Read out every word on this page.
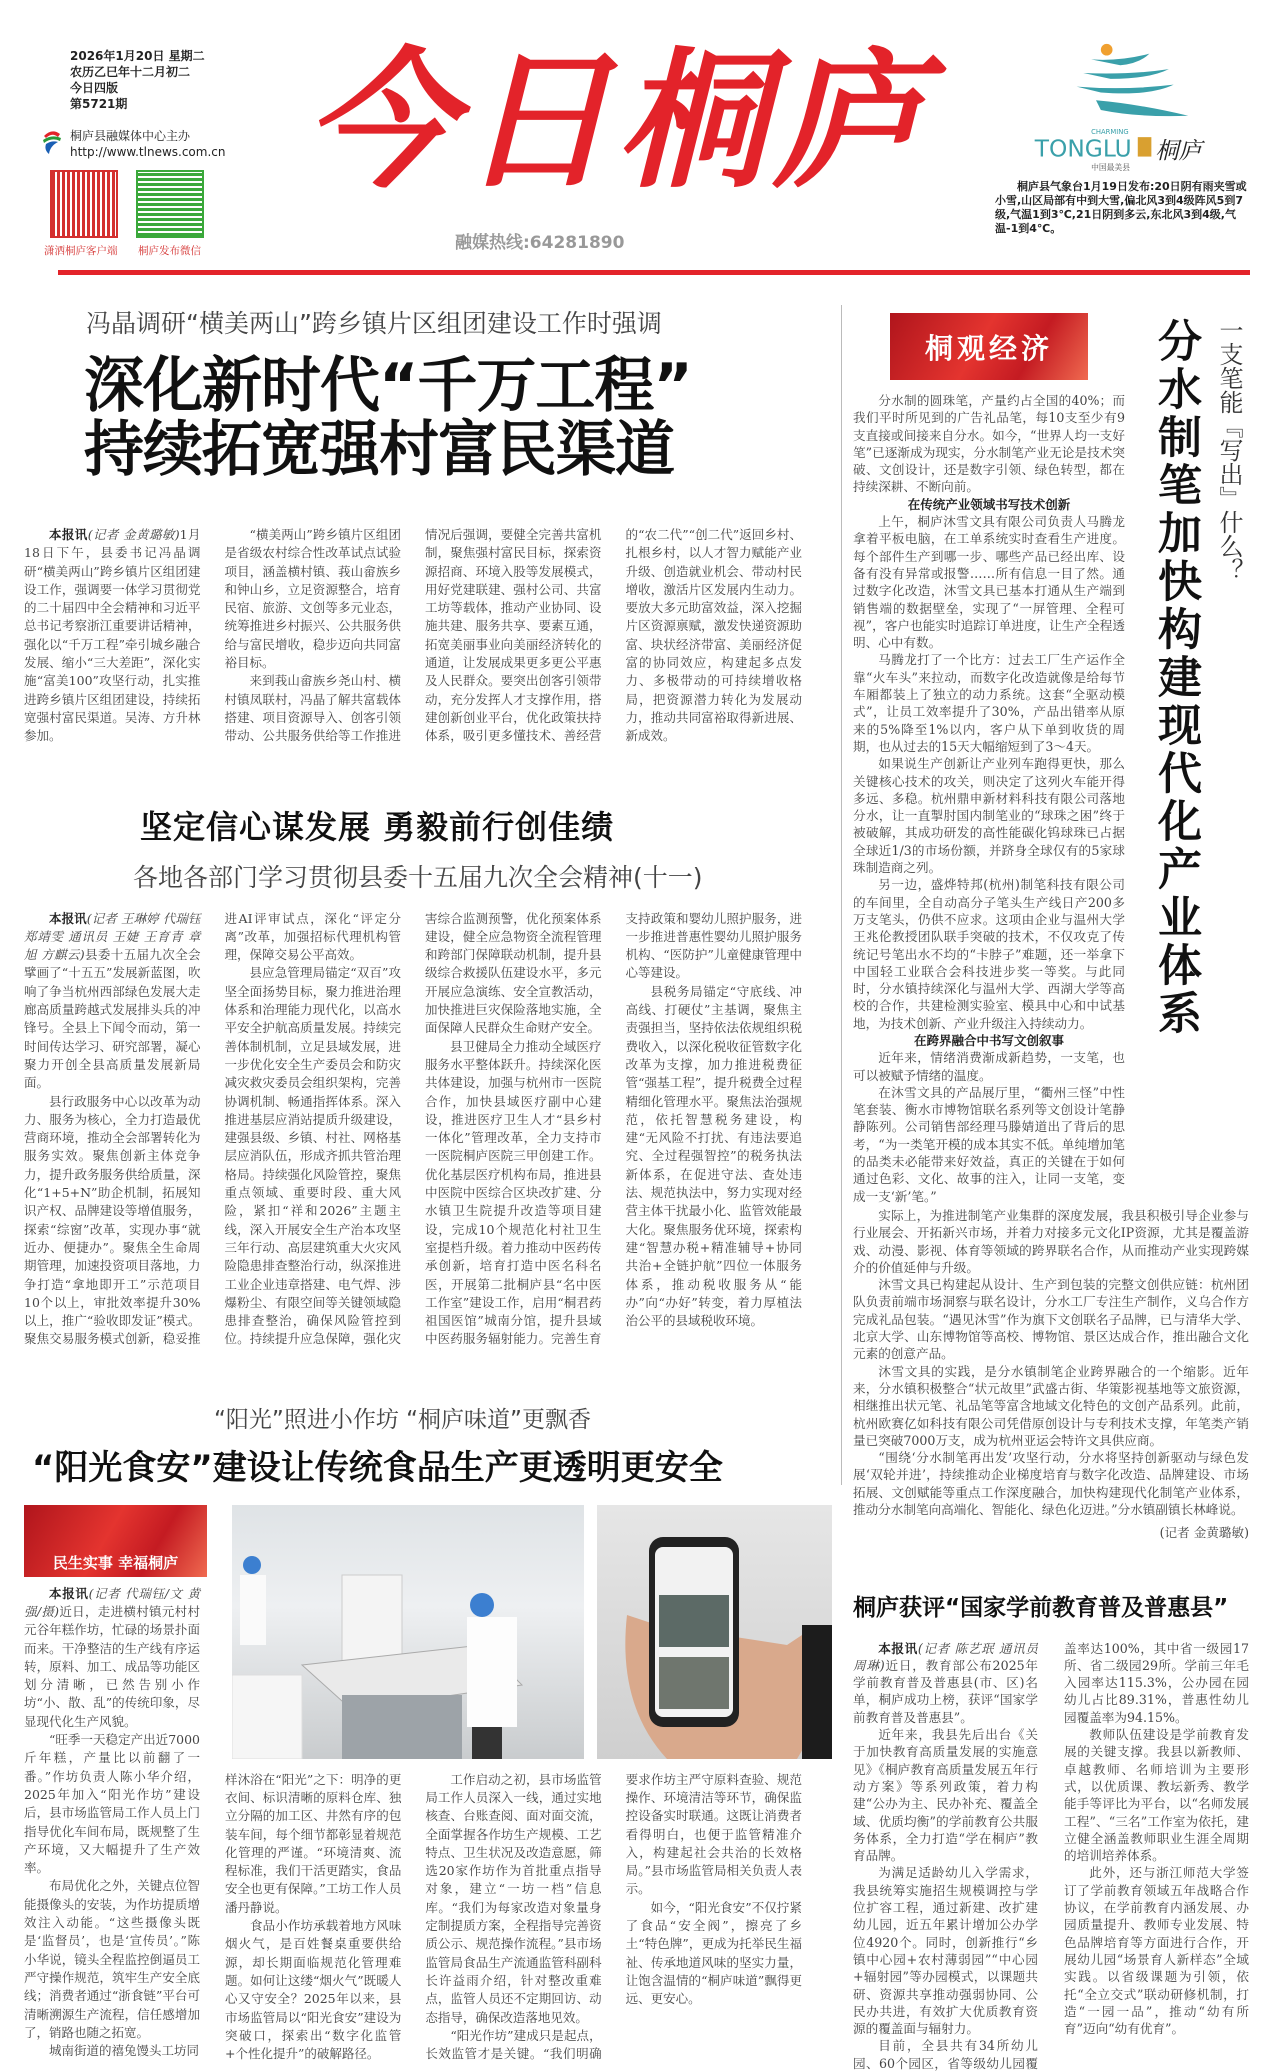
2026年1月20日 星期二
农历乙巳年十二月初二
今日四版
第5721期
桐庐县融媒体中心主办
http://www.tlnews.com.cn
潇洒桐庐客户端 桐庐发布微信
今日桐庐
融媒热线:64281890
CHARMING
TONGLU 桐庐
中国最美县
桐庐县气象台1月19日发布:20日阴有雨夹雪或小雪,山区局部有中到大雪,偏北风3到4级阵风5到7级,气温1到3℃,21日阴到多云,东北风3到4级,气温-1到4℃。
冯晶调研“横美两山”跨乡镇片区组团建设工作时强调
深化新时代“千万工程”
持续拓宽强村富民渠道

本报讯(记者 金黄璐敏)1月18日下午，县委书记冯晶调研“横美两山”跨乡镇片区组团建设工作，强调要一体学习贯彻党的二十届四中全会精神和习近平总书记考察浙江重要讲话精神，强化以“千万工程”牵引城乡融合发展、缩小“三大差距”，深化实施“富美100”攻坚行动，扎实推进跨乡镇片区组团建设，持续拓宽强村富民渠道。吴涛、方升林参加。

“横美两山”跨乡镇片区组团是省级农村综合性改革试点试验项目，涵盖横村镇、莪山畲族乡和钟山乡，立足资源整合，培育民宿、旅游、文创等多元业态，统筹推进乡村振兴、公共服务供给与富民增收，稳步迈向共同富裕目标。

来到莪山畲族乡尧山村、横村镇凤联村，冯晶了解共富载体搭建、项目资源导入、创客引领带动、公共服务供给等工作推进情况后强调，要健全完善共富机制，聚焦强村富民目标，探索资源招商、环境入股等发展模式，用好党建联建、强村公司、共富工坊等载体，推动产业协同、设施共建、服务共享、要素互通，拓宽美丽事业向美丽经济转化的通道，让发展成果更多更公平惠及人民群众。要突出创客引领带动，充分发挥人才支撑作用，搭建创新创业平台，优化政策扶持体系，吸引更多懂技术、善经营的“农二代”“创二代”返回乡村、扎根乡村，以人才智力赋能产业升级、创造就业机会、带动村民增收，激活片区发展内生动力。要放大多元助富效益，深入挖掘片区资源禀赋，激发快递资源助富、块状经济带富、美丽经济促富的协同效应，构建起多点发力、多极带动的可持续增收格局，把资源潜力转化为发展动力，推动共同富裕取得新进展、新成效。

坚定信心谋发展 勇毅前行创佳绩
各地各部门学习贯彻县委十五届九次全会精神(十一)

本报讯(记者 王琳婷 代瑞钰 郑靖雯 通讯员 王婕 王育青 章旭 方麒云)县委十五届九次全会擘画了“十五五”发展新蓝图，吹响了争当杭州西部绿色发展大走廊高质量跨越式发展排头兵的冲锋号。全县上下闻令而动，第一时间传达学习、研究部署，凝心聚力开创全县高质量发展新局面。

县行政服务中心以改革为动力、服务为核心，全力打造最优营商环境，推动全会部署转化为服务实效。聚焦创新主体竞争力，提升政务服务供给质量，深化“1+5+N”助企机制，拓展知识产权、品牌建设等增值服务，探索“综窗”改革，实现办事“就近办、便捷办”。聚焦全生命周期管理，加速投资项目落地，力争打造“拿地即开工”示范项目10个以上，审批效率提升30%以上，推广“验收即发证”模式。聚焦交易服务模式创新，稳妥推进AI评审试点，深化“评定分离”改革，加强招标代理机构管理，保障交易公平高效。

县应急管理局锚定“双百”攻坚全面扬势目标，聚力推进治理体系和治理能力现代化，以高水平安全护航高质量发展。持续完善体制机制，立足县域发展，进一步优化安全生产委员会和防灾减灾救灾委员会组织架构，完善协调机制、畅通指挥体系。深入推进基层应消站提质升级建设，建强县级、乡镇、村社、网格基层应消队伍，形成齐抓共管治理格局。持续强化风险管控，聚焦重点领域、重要时段、重大风险，紧扣“祥和2026”主题主线，深入开展安全生产治本攻坚三年行动、高层建筑重大火灾风险隐患排查整治行动，纵深推进工业企业违章搭建、电气焊、涉爆粉尘、有限空间等关键领域隐患排查整治，确保风险管控到位。持续提升应急保障，强化灾害综合监测预警，优化预案体系建设，健全应急物资全流程管理和跨部门保障联动机制，提升县级综合救援队伍建设水平，多元开展应急演练、安全宣教活动，加快推进巨灾保险落地实施，全面保障人民群众生命财产安全。

县卫健局全力推动全域医疗服务水平整体跃升。持续深化医共体建设，加强与杭州市一医院合作，加快县域医疗副中心建设，推进医疗卫生人才“县乡村一体化”管理改革，全力支持市一医院桐庐医院三甲创建工作。优化基层医疗机构布局，推进县中医院中医综合区块改扩建、分水镇卫生院提升改造等项目建设，完成10个规范化村社卫生室提档升级。着力推动中医药传承创新，培育打造中医名科名医，开展第二批桐庐县“名中医工作室”建设工作，启用“桐君药祖国医馆”城南分馆，提升县域中医药服务辐射能力。完善生育支持政策和婴幼儿照护服务，进一步推进普惠性婴幼儿照护服务机构、“医防护”儿童健康管理中心等建设。

县税务局锚定“守底线、冲高线、打硬仗”主基调，聚焦主责强担当，坚持依法依规组织税费收入，以深化税收征管数字化改革为支撑，加力推进税费征管“强基工程”，提升税费全过程精细化管理水平。聚焦法治强规范，依托智慧税务建设，构建“无风险不打扰、有违法要追究、全过程强智控”的税务执法新体系，在促进守法、查处违法、规范执法中，努力实现对经营主体干扰最小化、监管效能最大化。聚焦服务优环境，探索构建“智慧办税+精准辅导+协同共治+全链护航”四位一体服务体系，推动税收服务从“能办”向“办好”转变，着力厚植法治公平的县域税收环境。

“阳光”照进小作坊 “桐庐味道”更飘香
“阳光食安”建设让传统食品生产更透明更安全
民生实事 幸福桐庐

本报讯(记者 代瑞钰/文 黄强/摄)近日，走进横村镇元村村元谷年糕作坊，忙碌的场景扑面而来。干净整洁的生产线有序运转，原料、加工、成品等功能区划分清晰，已然告别小作坊“小、散、乱”的传统印象，尽显现代化生产风貌。

“旺季一天稳定产出近7000斤年糕，产量比以前翻了一番。”作坊负责人陈小华介绍，2025年加入“阳光作坊”建设后，县市场监管局工作人员上门指导优化车间布局，既规整了生产环境，又大幅提升了生产效率。

布局优化之外，关键点位智能摄像头的安装，为作坊提质增效注入动能。“这些摄像头既是‘监督员’，也是‘宣传员’。”陈小华说，镜头全程监控倒逼员工严守操作规范，筑牢生产安全底线；消费者通过“浙食链”平台可清晰溯源生产流程，信任感增加了，销路也随之拓宽。

城南街道的禧兔馒头工坊同

样沐浴在“阳光”之下：明净的更衣间、标识清晰的原料仓库、独立分隔的加工区、井然有序的包装车间，每个细节都彰显着规范化管理的严谨。“环境清爽、流程标准，我们干活更踏实，食品安全也更有保障。”工坊工作人员潘丹静说。

食品小作坊承载着地方风味烟火气，是百姓餐桌重要供给源，却长期面临规范化管理难题。如何让这缕“烟火气”既暖人心又守安全？2025年以来，县市场监管局以“阳光食安”建设为突破口，探索出“数字化监管+个性化提升”的破解路径。

工作启动之初，县市场监管局工作人员深入一线，通过实地核查、台账查阅、面对面交流，全面掌握各作坊生产规模、工艺特点、卫生状况及改造意愿，筛选20家作坊作为首批重点指导对象，建立“一坊一档”信息库。“我们为每家改造对象量身定制提质方案，全程指导完善资质公示、规范操作流程。”县市场监管局食品生产流通监管科副科长许益雨介绍，针对整改重难点，监管人员还不定期回访、动态指导，确保改造落地见效。

“阳光作坊”建成只是起点，长效监管才是关键。“我们明确要求作坊主严守原料查验、规范操作、环境清洁等环节，确保监控设备实时联通。这既让消费者看得明白，也便于监管精准介入，构建起社会共治的长效格局。”县市场监管局相关负责人表示。

如今，“阳光食安”不仅拧紧了食品“安全阀”，擦亮了乡土“特色牌”，更成为托举民生福祉、传承地道风味的坚实力量，让饱含温情的“桐庐味道”飘得更远、更安心。

桐观经济

分水制的圆珠笔，产量约占全国的40%；而我们平时所见到的广告礼品笔，每10支至少有9支直接或间接来自分水。如今，“世界人均一支好笔”已逐渐成为现实，分水制笔产业无论是技术突破、文创设计，还是数字引领、绿色转型，都在持续深耕、不断向前。

在传统产业领域书写技术创新

上午，桐庐沐雪文具有限公司负责人马腾龙拿着平板电脑，在工单系统实时查看生产进度。每个部件生产到哪一步、哪些产品已经出库、设备有没有异常或报警……所有信息一目了然。通过数字化改造，沐雪文具已基本打通从生产端到销售端的数据壁垒，实现了“一屏管理、全程可视”，客户也能实时追踪订单进度，让生产全程透明、心中有数。

马腾龙打了一个比方：过去工厂生产运作全靠“火车头”来拉动，而数字化改造就像是给每节车厢都装上了独立的动力系统。这套“全驱动模式”，让员工效率提升了30%，产品出错率从原来的5%降至1%以内，客户从下单到收货的周期，也从过去的15天大幅缩短到了3～4天。

如果说生产创新让产业列车跑得更快，那么关键核心技术的攻关，则决定了这列火车能开得多远、多稳。杭州鼎申新材料科技有限公司落地分水，让一直掣肘国内制笔业的“球珠之困”终于被破解，其成功研发的高性能碳化钨球珠已占据全球近1/3的市场份额，并跻身全球仅有的5家球珠制造商之列。

另一边，盛烨特邦(杭州)制笔科技有限公司的车间里，全自动高分子笔头生产线日产200多万支笔头，仍供不应求。这项由企业与温州大学王兆伦教授团队联手突破的技术，不仅攻克了传统记号笔出水不均的“卡脖子”难题，还一举拿下中国轻工业联合会科技进步奖一等奖。与此同时，分水镇持续深化与温州大学、西湖大学等高校的合作，共建检测实验室、模具中心和中试基地，为技术创新、产业升级注入持续动力。

在跨界融合中书写文创叙事

近年来，情绪消费渐成新趋势，一支笔，也可以被赋予情绪的温度。

在沐雪文具的产品展厅里，“衢州三怪”中性笔套装、衡水市博物馆联名系列等文创设计笔静静陈列。公司销售部经理马滕婧道出了背后的思考，“为一类笔开模的成本其实不低。单纯增加笔的品类未必能带来好效益，真正的关键在于如何通过色彩、文化、故事的注入，让同一支笔，变成一支‘新’笔。”

分水制笔加快构建现代化产业体系 一支笔能『写出』什么？

实际上，为推进制笔产业集群的深度发展，我县积极引导企业参与行业展会、开拓新兴市场，并着力对接多元文化IP资源，尤其是覆盖游戏、动漫、影视、体育等领域的跨界联名合作，从而推动产业实现跨媒介的价值延伸与升级。

沐雪文具已构建起从设计、生产到包装的完整文创供应链：杭州团队负责前端市场洞察与联名设计，分水工厂专注生产制作，义乌合作方完成礼品包装。“遇见沐雪”作为旗下文创联名子品牌，已与清华大学、北京大学、山东博物馆等高校、博物馆、景区达成合作，推出融合文化元素的创意产品。

沐雪文具的实践，是分水镇制笔企业跨界融合的一个缩影。近年来，分水镇积极整合“状元故里”武盛古街、华策影视基地等文旅资源，相继推出状元笔、礼品笔等富含地域文化特色的文创产品系列。此前，杭州欧赛亿如科技有限公司凭借原创设计与专利技术支撑，年笔类产销量已突破7000万支，成为杭州亚运会特许文具供应商。

“围绕‘分水制笔再出发’攻坚行动，分水将坚持创新驱动与绿色发展‘双轮并进’，持续推动企业梯度培育与数字化改造、品牌建设、市场拓展、文创赋能等重点工作深度融合，加快构建现代化制笔产业体系，推动分水制笔向高端化、智能化、绿色化迈进。”分水镇副镇长林峰说。

(记者 金黄璐敏)
桐庐获评“国家学前教育普及普惠县”

本报讯(记者 陈艺珉 通讯员 周琳)近日，教育部公布2025年学前教育普及普惠县(市、区)名单，桐庐成功上榜，获评“国家学前教育普及普惠县”。

近年来，我县先后出台《关于加快教育高质量发展的实施意见》《桐庐教育高质量发展五年行动方案》等系列政策，着力构建“公办为主、民办补充、覆盖全域、优质均衡”的学前教育公共服务体系，全力打造“学在桐庐”教育品牌。

为满足适龄幼儿入学需求，我县统筹实施招生规模调控与学位扩容工程，通过新建、改扩建幼儿园，近五年累计增加公办学位4920个。同时，创新推行“乡镇中心园+农村薄弱园”“中心园+辐射园”等办园模式，以课题共研、资源共享推动强弱协同、公民办共进，有效扩大优质教育资源的覆盖面与辐射力。

目前，全县共有34所幼儿园、60个园区，省等级幼儿园覆盖率达100%，其中省一级园17所、省二级园29所。学前三年毛入园率达115.3%，公办园在园幼儿占比89.31%，普惠性幼儿园覆盖率为94.15%。

教师队伍建设是学前教育发展的关键支撑。我县以新教师、卓越教师、名师培训为主要形式，以优质课、教坛新秀、教学能手等评比为平台，以“名师发展工程”、“三名”工作室为依托，建立健全涵盖教师职业生涯全周期的培训培养体系。

此外，还与浙江师范大学签订了学前教育领域五年战略合作协议，在学前教育内涵发展、办园质量提升、教师专业发展、特色品牌培育等方面进行合作，开展幼儿园“场景育人新样态”全域实践。以省级课题为引领，依托“全立交式”联动研修机制，打造“一园一品”，推动“幼有所育”迈向“幼有优育”。
